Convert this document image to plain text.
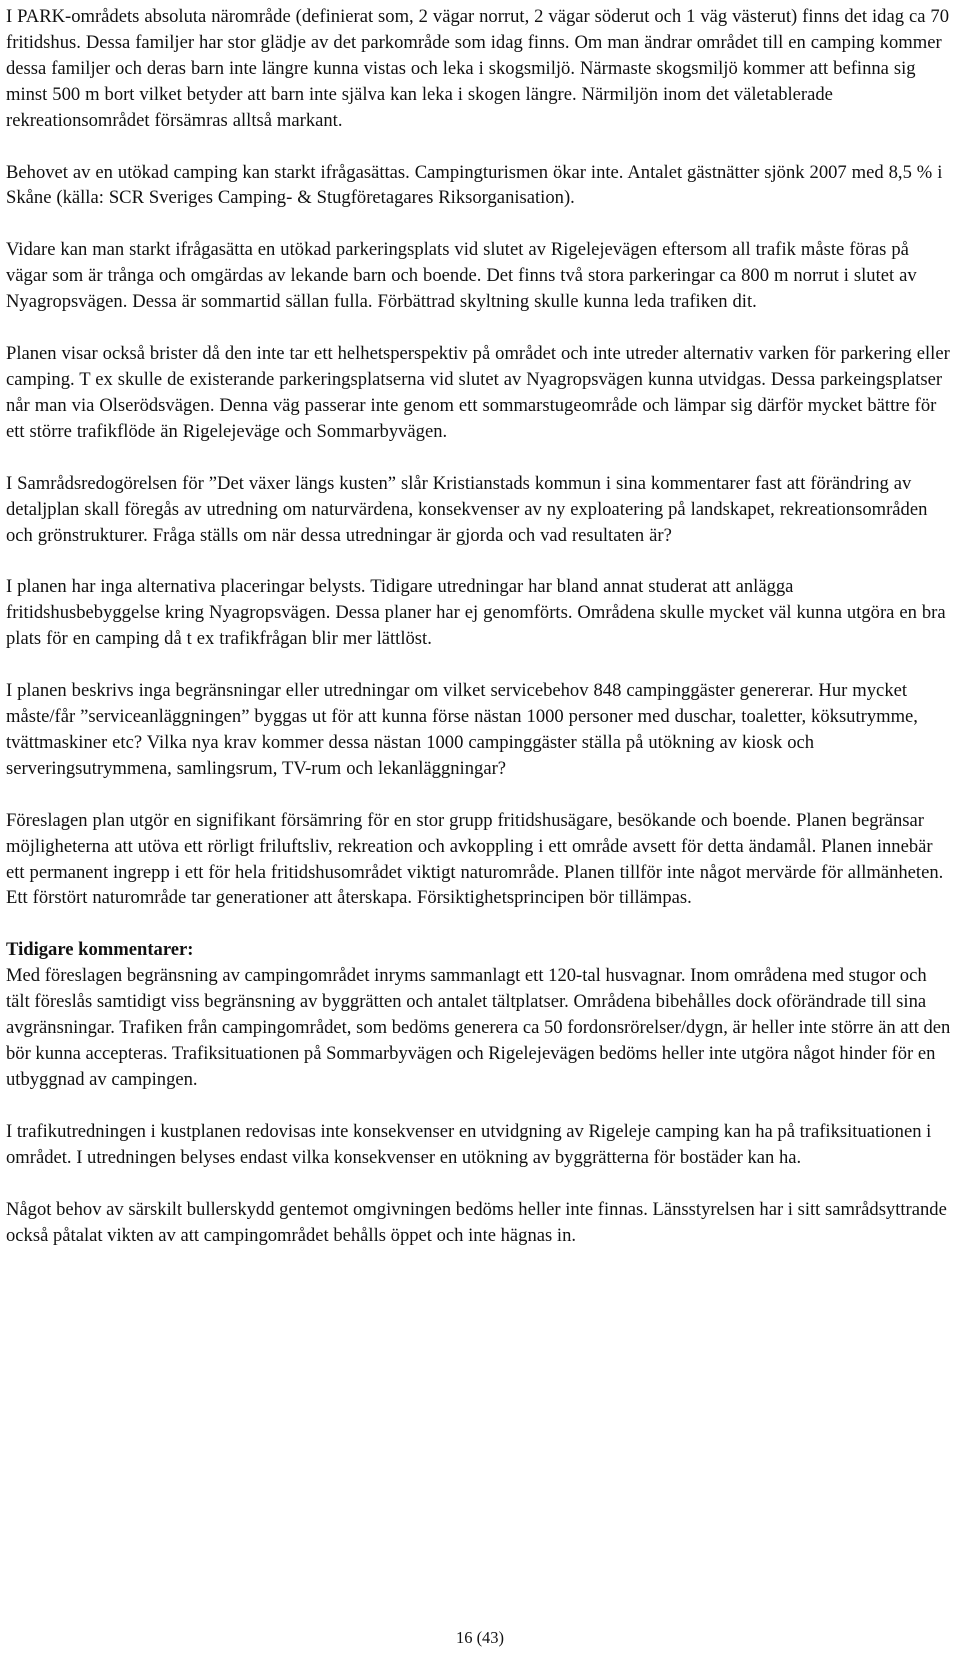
I PARK-områdets absoluta närområde (definierat som, 2 vägar norrut, 2 vägar söderut och 1 väg västerut) finns det idag ca 70 fritidshus. Dessa familjer har stor glädje av det parkområde som idag finns. Om man ändrar området till en camping kommer dessa familjer och deras barn inte längre kunna vistas och leka i skogsmiljö. Närmaste skogsmiljö kommer att befinna sig minst 500 m bort vilket betyder att barn inte själva kan leka i skogen längre. Närmiljön inom det väletablerade rekreationsområdet försämras alltså markant.

Behovet av en utökad camping kan starkt ifrågasättas. Campingturismen ökar inte. Antalet gästnätter sjönk 2007 med 8,5 % i Skåne (källa: SCR Sveriges Camping- & Stugföretagares Riksorganisation).

Vidare kan man starkt ifrågasätta en utökad parkeringsplats vid slutet av Rigelejevägen eftersom all trafik måste föras på vägar som är trånga och omgärdas av lekande barn och boende. Det finns två stora parkeringar ca 800 m norrut i slutet av Nyagropsvägen. Dessa är sommartid sällan fulla. Förbättrad skyltning skulle kunna leda trafiken dit.

Planen visar också brister då den inte tar ett helhetsperspektiv på området och inte utreder alternativ varken för parkering eller camping. T ex skulle de existerande parkeringsplatserna vid slutet av Nyagropsvägen kunna utvidgas. Dessa parkeingsplatser når man via Olserödsvägen. Denna väg passerar inte genom ett sommarstugeområde och lämpar sig därför mycket bättre för ett större trafikflöde än Rigelejeväge och Sommarbyvägen.

I Samrådsredogörelsen för ”Det växer längs kusten” slår Kristianstads kommun i sina kommentarer fast att förändring av detaljplan skall föregås av utredning om naturvärdena, konsekvenser av ny exploatering på landskapet, rekreationsområden och grönstrukturer. Fråga ställs om när dessa utredningar är gjorda och vad resultaten är?

I planen har inga alternativa placeringar belysts. Tidigare utredningar har bland annat studerat att anlägga fritidshusbebyggelse kring Nyagropsvägen. Dessa planer har ej genomförts. Områdena skulle mycket väl kunna utgöra en bra plats för en camping då t ex trafikfrågan blir mer lättlöst.

I planen beskrivs inga begränsningar eller utredningar om vilket servicebehov 848 campinggäster genererar. Hur mycket måste/får ”serviceanläggningen” byggas ut för att kunna förse nästan 1000 personer med duschar, toaletter, köksutrymme, tvättmaskiner etc? Vilka nya krav kommer dessa nästan 1000 campinggäster ställa på utökning av kiosk och serveringsutrymmena, samlingsrum, TV-rum och lekanläggningar?

Föreslagen plan utgör en signifikant försämring för en stor grupp fritidshusägare, besökande och boende. Planen begränsar möjligheterna att utöva ett rörligt friluftsliv, rekreation och avkoppling i ett område avsett för detta ändamål. Planen innebär ett permanent ingrepp i ett för hela fritidshusområdet viktigt naturområde. Planen tillför inte något mervärde för allmänheten. Ett förstört naturområde tar generationer att återskapa. Försiktighetsprincipen bör tillämpas.

Tidigare kommentarer:

Med föreslagen begränsning av campingområdet inryms sammanlagt ett 120-tal husvagnar. Inom områdena med stugor och tält föreslås samtidigt viss begränsning av byggrätten och antalet tältplatser. Områdena bibehålles dock oförändrade till sina avgränsningar. Trafiken från campingområdet, som bedöms generera ca 50 fordonsrörelser/dygn, är heller inte större än att den bör kunna accepteras. Trafiksituationen på Sommarbyvägen och Rigelejevägen bedöms heller inte utgöra något hinder för en utbyggnad av campingen.

I trafikutredningen i kustplanen redovisas inte konsekvenser en utvidgning av Rigeleje camping kan ha på trafiksituationen i området. I utredningen belyses endast vilka konsekvenser en utökning av byggrätterna för bostäder kan ha.

Något behov av särskilt bullerskydd gentemot omgivningen bedöms heller inte finnas. Länsstyrelsen har i sitt samrådsyttrande också påtalat vikten av att campingområdet behålls öppet och inte hägnas in.

16 (43)
